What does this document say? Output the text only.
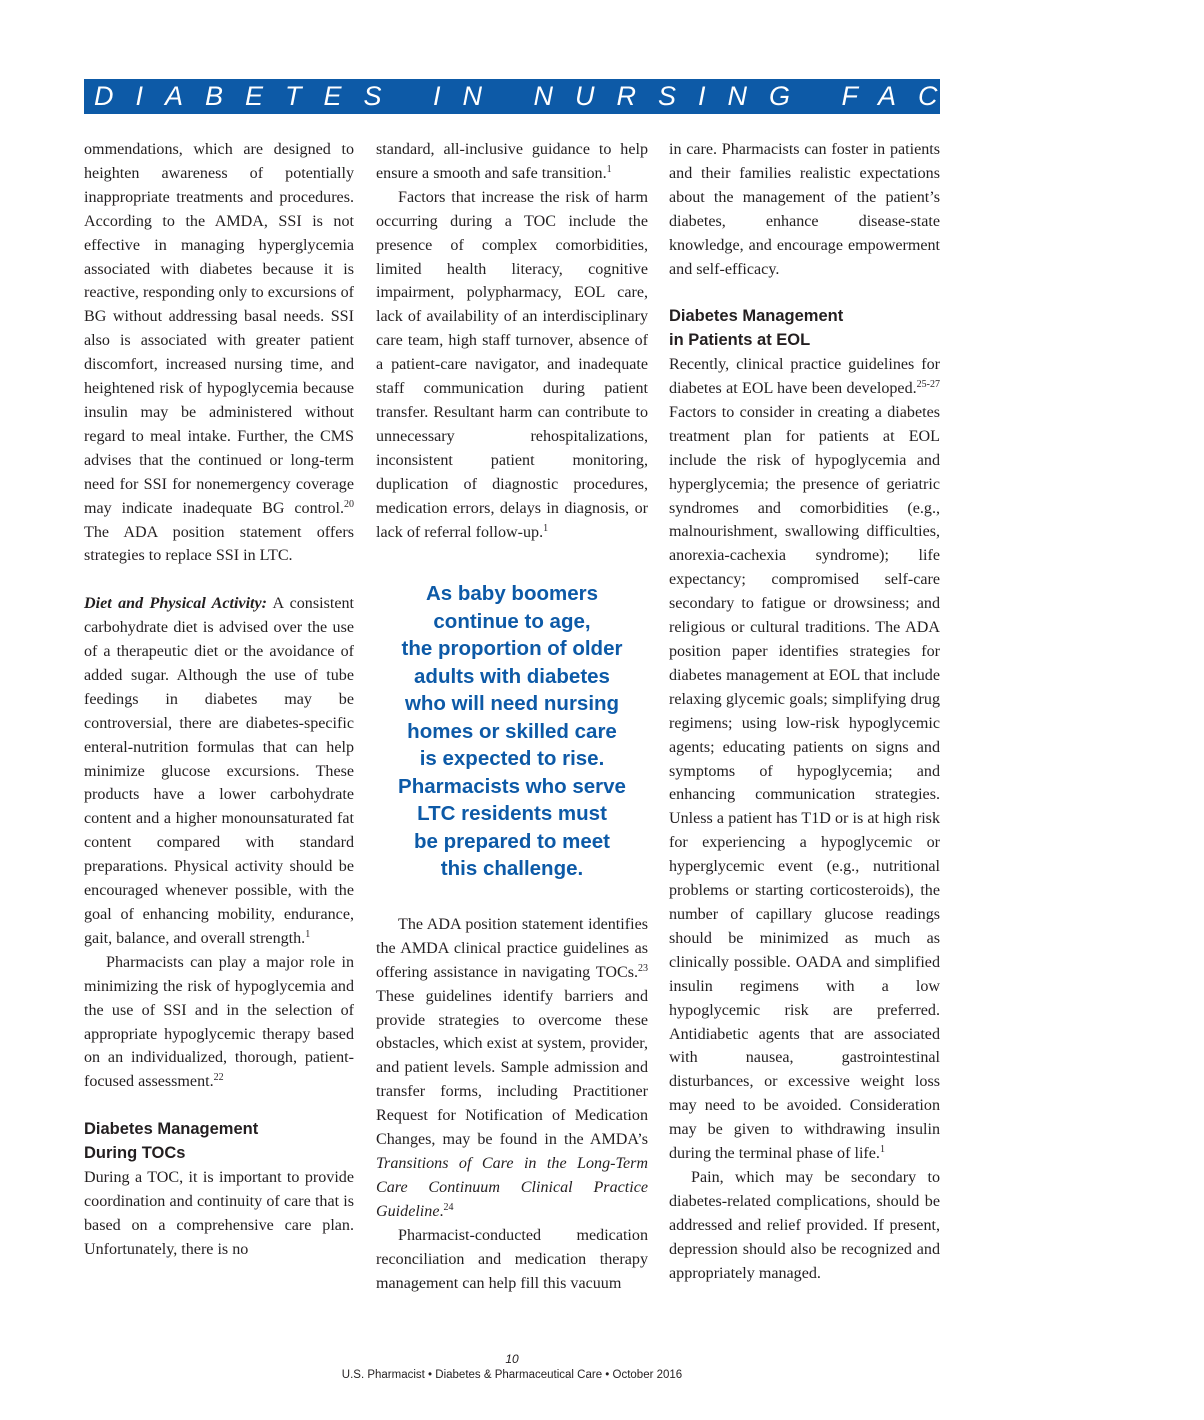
DIABETES IN NURSING FACILITIES

ommendations, which are designed to heighten awareness of potentially inappropriate treatments and procedures. According to the AMDA, SSI is not effective in managing hyperglycemia associated with diabetes because it is reactive, responding only to excursions of BG without addressing basal needs. SSI also is associated with greater patient discomfort, increased nursing time, and heightened risk of hypoglycemia because insulin may be administered without regard to meal intake. Further, the CMS advises that the continued or long-term need for SSI for nonemergency coverage may indicate inadequate BG control.$^{20}$ The ADA position statement offers strategies to replace SSI in LTC.

Diet and Physical Activity: A consistent carbohydrate diet is advised over the use of a therapeutic diet or the avoidance of added sugar. Although the use of tube feedings in diabetes may be controversial, there are diabetes-specific enteral-nutrition formulas that can help minimize glucose excursions. These products have a lower carbohydrate content and a higher monounsaturated fat content compared with standard preparations. Physical activity should be encouraged whenever possible, with the goal of enhancing mobility, endurance, gait, balance, and overall strength.$^1$

Pharmacists can play a major role in minimizing the risk of hypoglycemia and the use of SSI and in the selection of appropriate hypoglycemic therapy based on an individualized, thorough, patient-focused assessment.$^{22}$

Diabetes Management
During TOCs

During a TOC, it is important to provide coordination and continuity of care that is based on a comprehensive care plan. Unfortunately, there is no

standard, all-inclusive guidance to help ensure a smooth and safe transition.$^1$

Factors that increase the risk of harm occurring during a TOC include the presence of complex comorbidities, limited health literacy, cognitive impairment, polypharmacy, EOL care, lack of availability of an interdisciplinary care team, high staff turnover, absence of a patient-care navigator, and inadequate staff communication during patient transfer. Resultant harm can contribute to unnecessary rehospitalizations, inconsistent patient monitoring, duplication of diagnostic procedures, medication errors, delays in diagnosis, or lack of referral follow-up.$^1$

As baby boomers
continue to age,
the proportion of older
adults with diabetes
who will need nursing
homes or skilled care
is expected to rise.
Pharmacists who serve
LTC residents must
be prepared to meet
this challenge.

The ADA position statement identifies the AMDA clinical practice guidelines as offering assistance in navigating TOCs.$^{23}$ These guidelines identify barriers and provide strategies to overcome these obstacles, which exist at system, provider, and patient levels. Sample admission and transfer forms, including Practitioner Request for Notification of Medication Changes, may be found in the AMDA’s Transitions of Care in the Long-Term Care Continuum Clinical Practice Guideline.$^{24}$

Pharmacist-conducted medication reconciliation and medication therapy management can help fill this vacuum

in care. Pharmacists can foster in patients and their families realistic expectations about the management of the patient’s diabetes, enhance disease-state knowledge, and encourage empowerment and self-efficacy.

Diabetes Management
in Patients at EOL

Recently, clinical practice guidelines for diabetes at EOL have been developed.$^{25-27}$ Factors to consider in creating a diabetes treatment plan for patients at EOL include the risk of hypoglycemia and hyperglycemia; the presence of geriatric syndromes and comorbidities (e.g., malnourishment, swallowing difficulties, anorexia-cachexia syndrome); life expectancy; compromised self-care secondary to fatigue or drowsiness; and religious or cultural traditions. The ADA position paper identifies strategies for diabetes management at EOL that include relaxing glycemic goals; simplifying drug regimens; using low-risk hypoglycemic agents; educating patients on signs and symptoms of hypoglycemia; and enhancing communication strategies. Unless a patient has T1D or is at high risk for experiencing a hypoglycemic or hyperglycemic event (e.g., nutritional problems or starting corticosteroids), the number of capillary glucose readings should be minimized as much as clinically possible. OADA and simplified insulin regimens with a low hypoglycemic risk are preferred. Antidiabetic agents that are associated with nausea, gastrointestinal disturbances, or excessive weight loss may need to be avoided. Consideration may be given to withdrawing insulin during the terminal phase of life.$^1$

Pain, which may be secondary to diabetes-related complications, should be addressed and relief provided. If present, depression should also be recognized and appropriately managed.

10
U.S. Pharmacist • Diabetes & Pharmaceutical Care • October 2016
